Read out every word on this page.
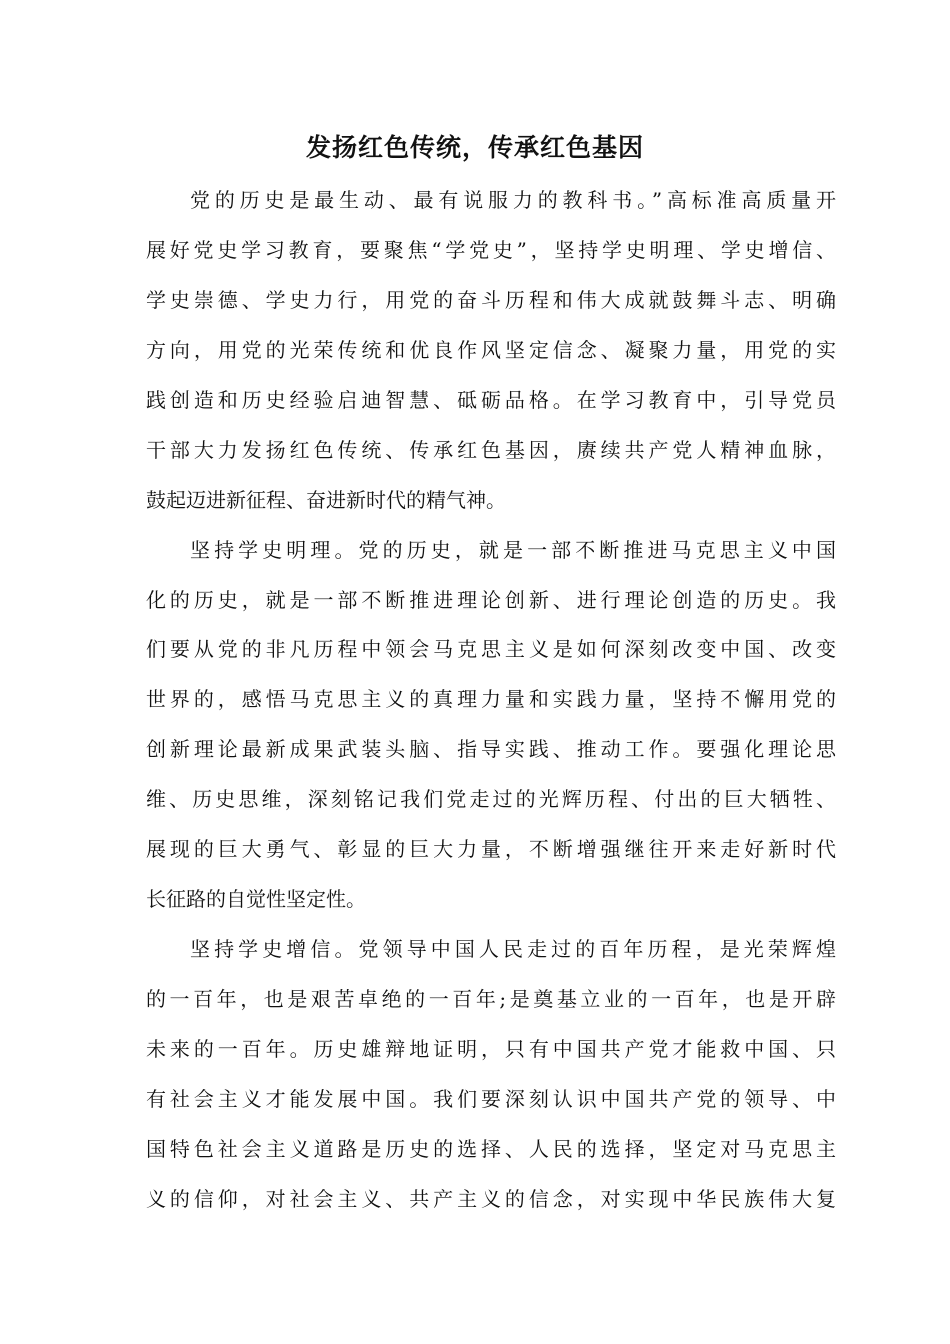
发扬红色传统，传承红色基因
党的历史是最生动、最有说服力的教科书。”高标准高质量开
展好党史学习教育，要聚焦“学党史”，坚持学史明理、学史增信、
学史崇德、学史力行，用党的奋斗历程和伟大成就鼓舞斗志、明确
方向，用党的光荣传统和优良作风坚定信念、凝聚力量，用党的实
践创造和历史经验启迪智慧、砥砺品格。在学习教育中，引导党员
干部大力发扬红色传统、传承红色基因，赓续共产党人精神血脉，
鼓起迈进新征程、奋进新时代的精气神。
坚持学史明理。党的历史，就是一部不断推进马克思主义中国
化的历史，就是一部不断推进理论创新、进行理论创造的历史。我
们要从党的非凡历程中领会马克思主义是如何深刻改变中国、改变
世界的，感悟马克思主义的真理力量和实践力量，坚持不懈用党的
创新理论最新成果武装头脑、指导实践、推动工作。要强化理论思
维、历史思维，深刻铭记我们党走过的光辉历程、付出的巨大牺牲、
展现的巨大勇气、彰显的巨大力量，不断增强继往开来走好新时代
长征路的自觉性坚定性。
坚持学史增信。党领导中国人民走过的百年历程，是光荣辉煌
的一百年，也是艰苦卓绝的一百年;是奠基立业的一百年，也是开辟
未来的一百年。历史雄辩地证明，只有中国共产党才能救中国、只
有社会主义才能发展中国。我们要深刻认识中国共产党的领导、中
国特色社会主义道路是历史的选择、人民的选择，坚定对马克思主
义的信仰，对社会主义、共产主义的信念，对实现中华民族伟大复
